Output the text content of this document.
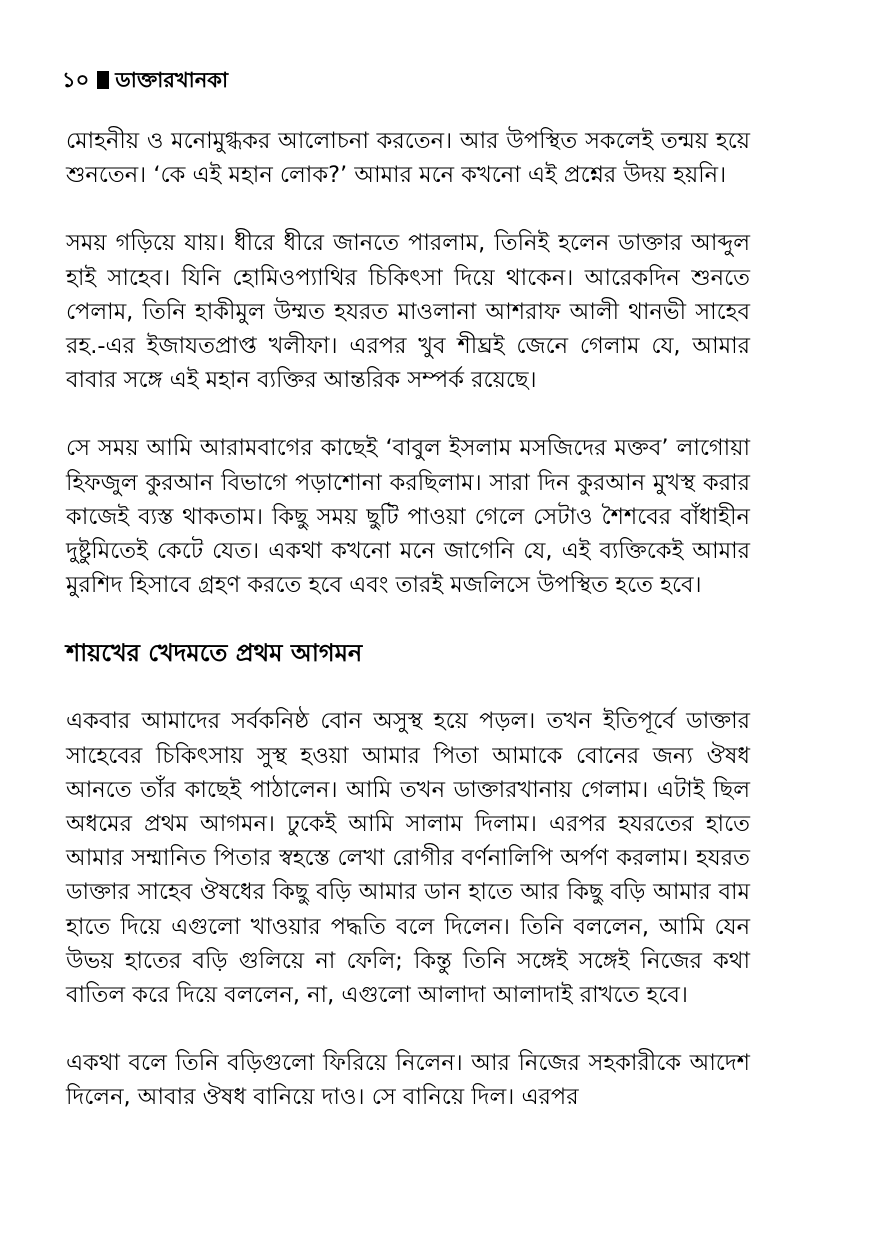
১০ ডাক্তারখানকা

মোহনীয় ও মনোমুগ্ধকর আলোচনা করতেন। আর উপস্থিত সকলেই তন্ময় হয়ে শুনতেন। ‘কে এই মহান লোক?’ আমার মনে কখনো এই প্রশ্নের উদয় হয়নি।

সময় গড়িয়ে যায়। ধীরে ধীরে জানতে পারলাম, তিনিই হলেন ডাক্তার আব্দুল হাই সাহেব। যিনি হোমিওপ্যাথির চিকিৎসা দিয়ে থাকেন। আরেকদিন শুনতে পেলাম, তিনি হাকীমুল উম্মত হযরত মাওলানা আশরাফ আলী থানভী সাহেব রহ.-এর ইজাযতপ্রাপ্ত খলীফা। এরপর খুব শীঘ্রই জেনে গেলাম যে, আমার বাবার সঙ্গে এই মহান ব্যক্তির আন্তরিক সম্পর্ক রয়েছে।

সে সময় আমি আরামবাগের কাছেই ‘বাবুল ইসলাম মসজিদের মক্তব’ লাগোয়া হিফজুল কুরআন বিভাগে পড়াশোনা করছিলাম। সারা দিন কুরআন মুখস্থ করার কাজেই ব্যস্ত থাকতাম। কিছু সময় ছুটি পাওয়া গেলে সেটাও শৈশবের বাঁধাহীন দুষ্টুমিতেই কেটে যেত। একথা কখনো মনে জাগেনি যে, এই ব্যক্তিকেই আমার মুরশিদ হিসাবে গ্রহণ করতে হবে এবং তারই মজলিসে উপস্থিত হতে হবে।

শায়খের খেদমতে প্রথম আগমন

একবার আমাদের সর্বকনিষ্ঠ বোন অসুস্থ হয়ে পড়ল। তখন ইতিপূর্বে ডাক্তার সাহেবের চিকিৎসায় সুস্থ হওয়া আমার পিতা আমাকে বোনের জন্য ঔষধ আনতে তাঁর কাছেই পাঠালেন। আমি তখন ডাক্তারখানায় গেলাম। এটাই ছিল অধমের প্রথম আগমন। ঢুকেই আমি সালাম দিলাম। এরপর হযরতের হাতে আমার সম্মানিত পিতার স্বহস্তে লেখা রোগীর বর্ণনালিপি অর্পণ করলাম। হযরত ডাক্তার সাহেব ঔষধের কিছু বড়ি আমার ডান হাতে আর কিছু বড়ি আমার বাম হাতে দিয়ে এগুলো খাওয়ার পদ্ধতি বলে দিলেন। তিনি বললেন, আমি যেন উভয় হাতের বড়ি গুলিয়ে না ফেলি; কিন্তু তিনি সঙ্গেই সঙ্গেই নিজের কথা বাতিল করে দিয়ে বললেন, না, এগুলো আলাদা আলাদাই রাখতে হবে।

একথা বলে তিনি বড়িগুলো ফিরিয়ে নিলেন। আর নিজের সহকারীকে আদেশ দিলেন, আবার ঔষধ বানিয়ে দাও। সে বানিয়ে দিল। এরপর
